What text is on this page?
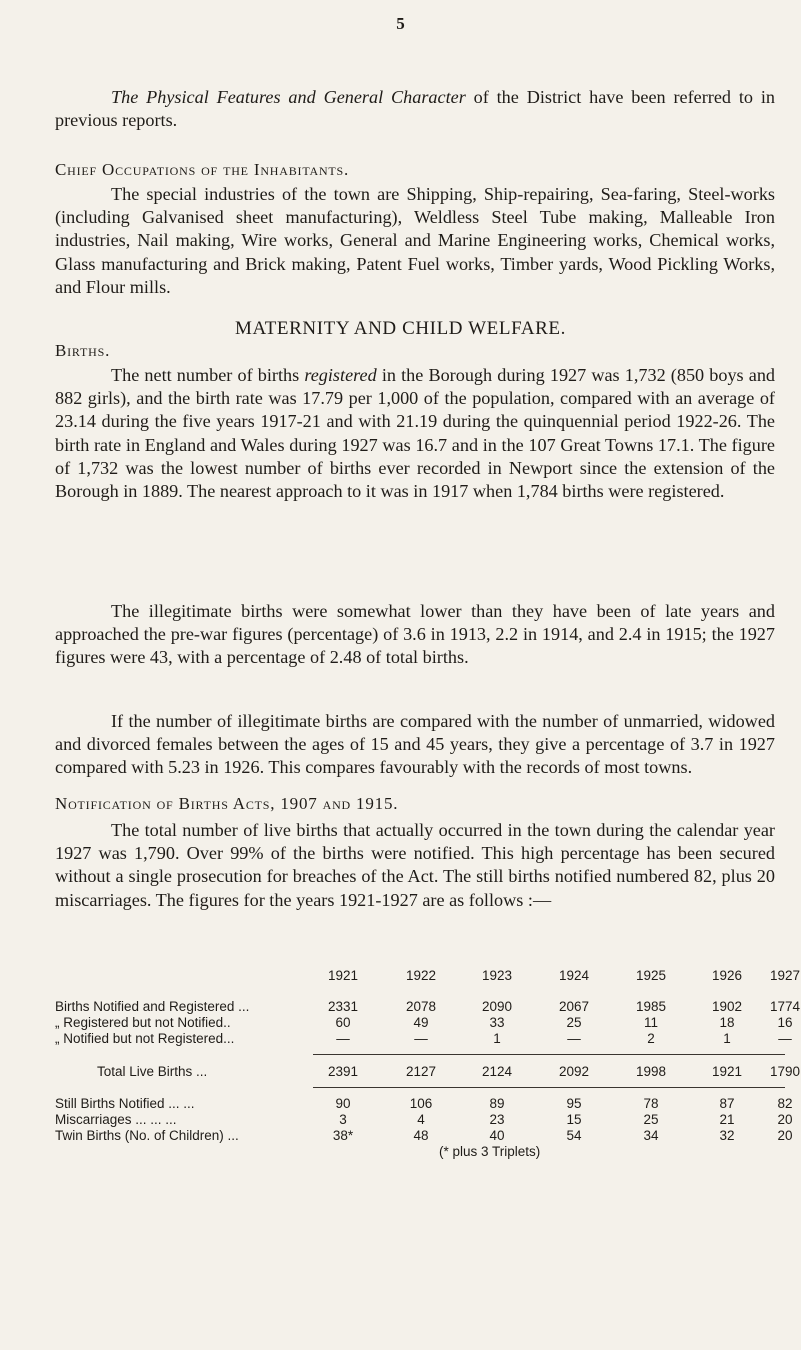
5

The Physical Features and General Character of the District have been referred to in previous reports.

Chief Occupations of the Inhabitants.

The special industries of the town are Shipping, Ship-repairing, Sea-faring, Steel-works (including Galvanised sheet manufacturing), Weldless Steel Tube making, Malleable Iron industries, Nail making, Wire works, General and Marine Engineering works, Chemical works, Glass manufacturing and Brick making, Patent Fuel works, Timber yards, Wood Pickling Works, and Flour mills.

MATERNITY AND CHILD WELFARE.
Births.

The nett number of births registered in the Borough during 1927 was 1,732 (850 boys and 882 girls), and the birth rate was 17.79 per 1,000 of the population, compared with an average of 23.14 during the five years 1917-21 and with 21.19 during the quinquennial period 1922-26. The birth rate in England and Wales during 1927 was 16.7 and in the 107 Great Towns 17.1. The figure of 1,732 was the lowest number of births ever recorded in Newport since the extension of the Borough in 1889. The nearest approach to it was in 1917 when 1,784 births were registered.

The illegitimate births were somewhat lower than they have been of late years and approached the pre-war figures (percentage) of 3.6 in 1913, 2.2 in 1914, and 2.4 in 1915; the 1927 figures were 43, with a percentage of 2.48 of total births.

If the number of illegitimate births are compared with the number of unmarried, widowed and divorced females between the ages of 15 and 45 years, they give a percentage of 3.7 in 1927 compared with 5.23 in 1926. This compares favourably with the records of most towns.

Notification of Births Acts, 1907 and 1915.

The total number of live births that actually occurred in the town during the calendar year 1927 was 1,790. Over 99% of the births were notified. This high percentage has been secured without a single prosecution for breaches of the Act. The still births notified numbered 82, plus 20 miscarriages. The figures for the years 1921-1927 are as follows :—

1921	1922	1923	1924	1925	1926	1927
Births Notified and Registered ...	2331	2078	2090	2067	1985	1902	1774
„ Registered but not Notified..	60	49	33	25	11	18	16
„ Notified but not Registered...	—	—	1	—	2	1	—
Total Live Births ...	2391	2127	2124	2092	1998	1921	1790
Still Births Notified ... ...	90	106	89	95	78	87	82
Miscarriages ... ... ...	3	4	23	15	25	21	20
Twin Births (No. of Children) ...	38*	48	40	54	34	32	20
(* plus 3 Triplets)
